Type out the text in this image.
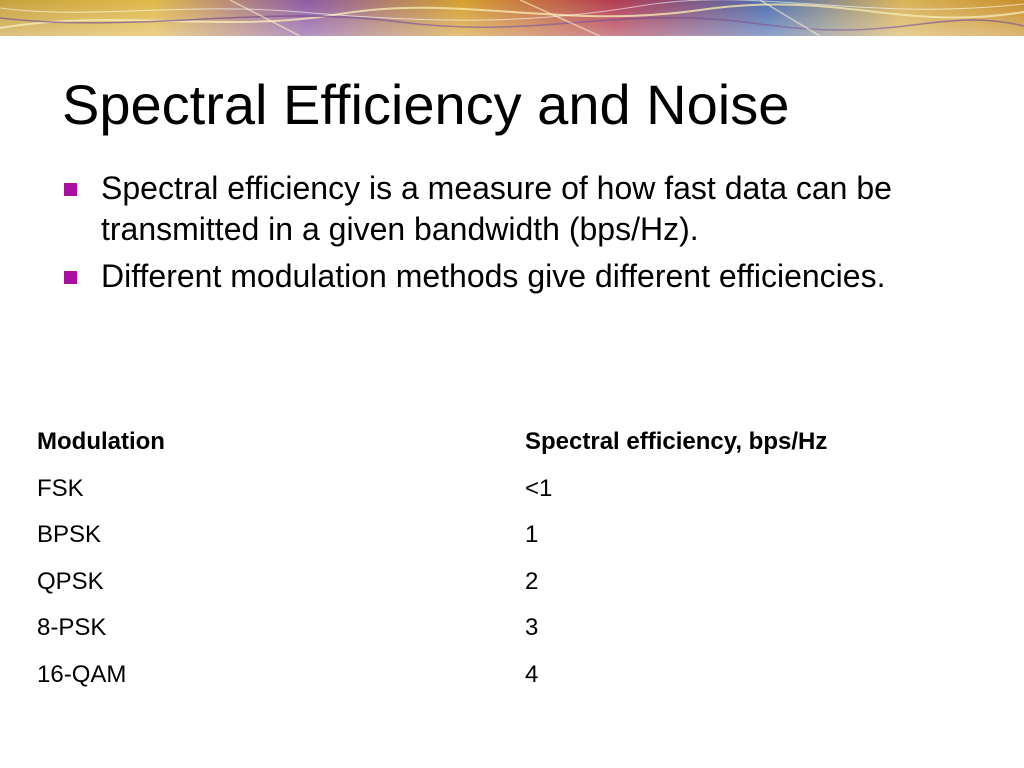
Spectral Efficiency and Noise
Spectral efficiency is a measure of how fast data can be transmitted in a given bandwidth (bps/Hz).
Different modulation methods give different efficiencies.
Modulation	Spectral efficiency, bps/Hz
FSK	<1
BPSK	1
QPSK	2
8-PSK	3
16-QAM	4
